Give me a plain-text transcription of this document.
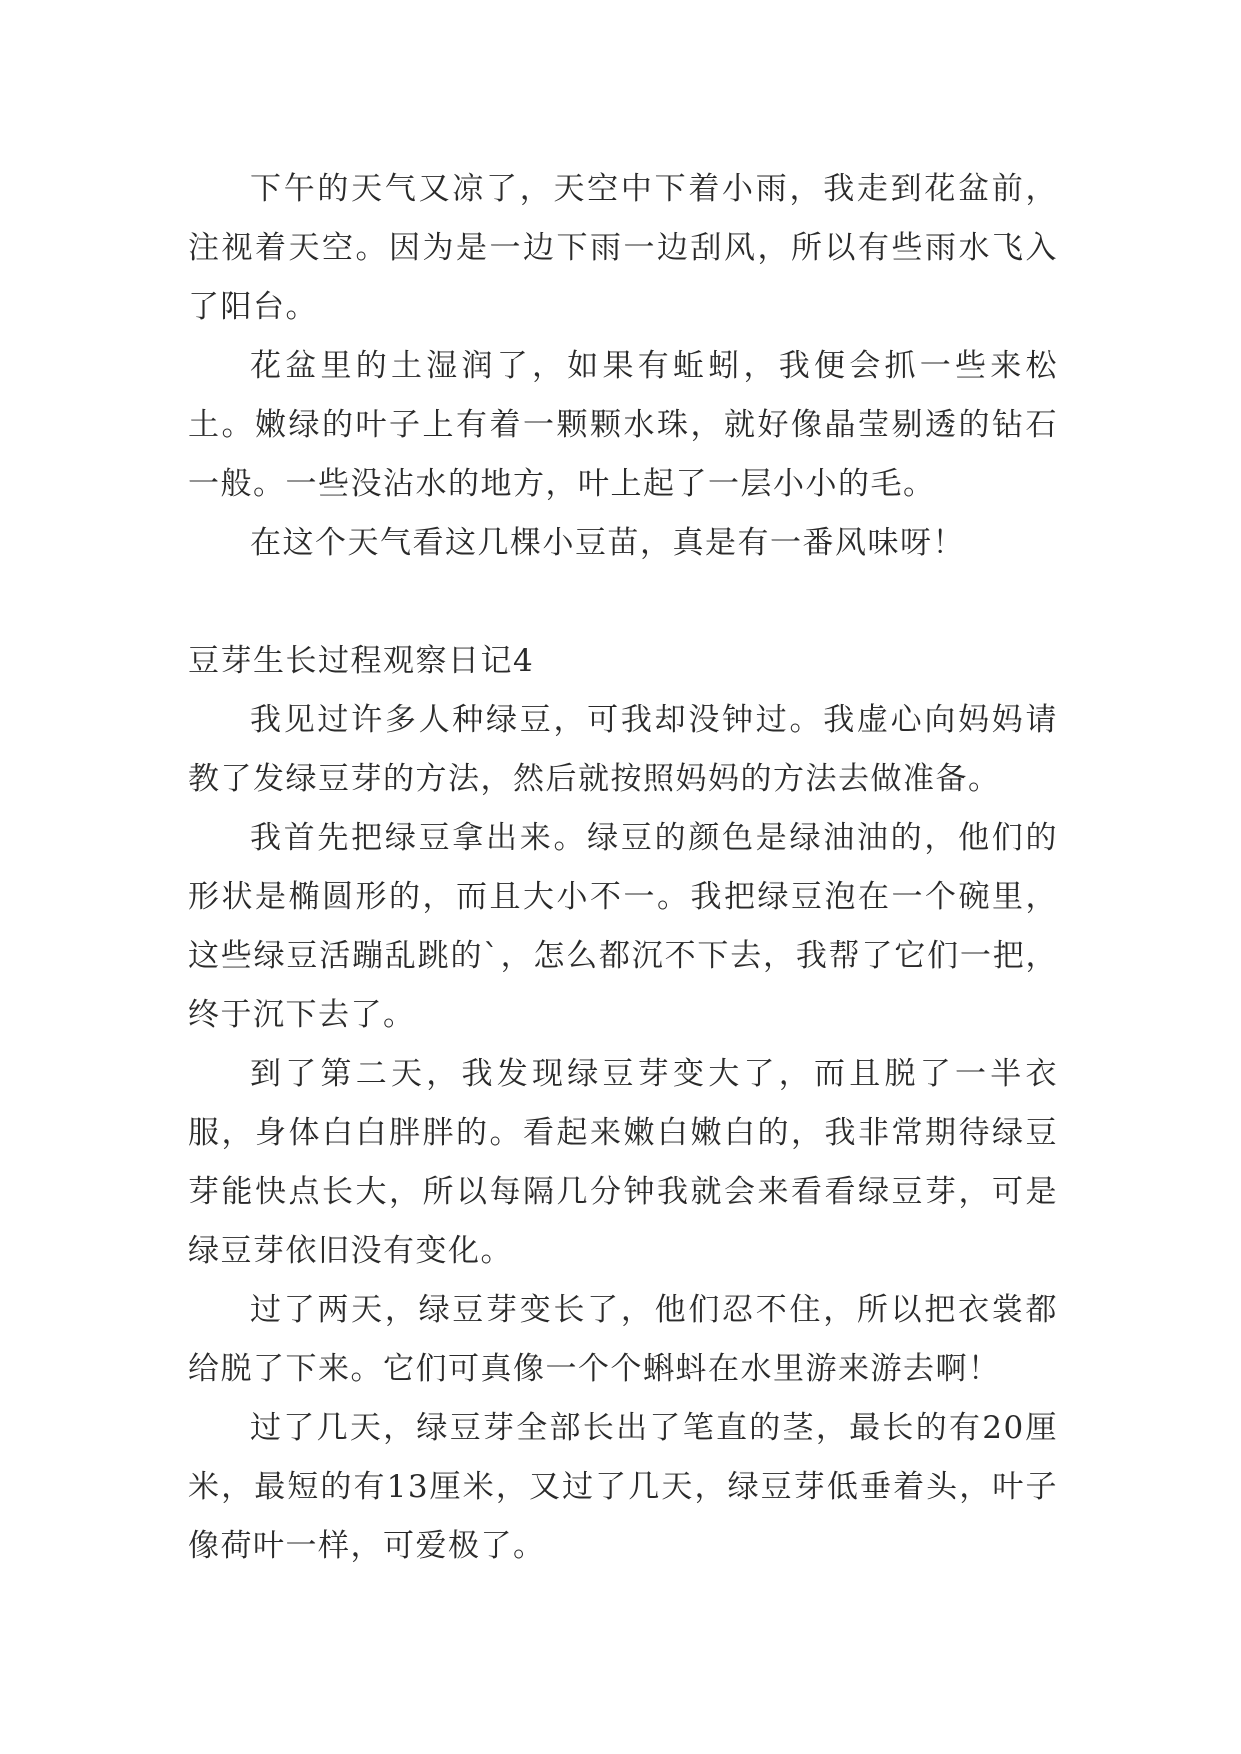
下午的天气又凉了，天空中下着小雨，我走到花盆前，注视着天空。因为是一边下雨一边刮风，所以有些雨水飞入了阳台。

花盆里的土湿润了，如果有蚯蚓，我便会抓一些来松土。嫩绿的叶子上有着一颗颗水珠，就好像晶莹剔透的钻石一般。一些没沾水的地方，叶上起了一层小小的毛。

在这个天气看这几棵小豆苗，真是有一番风味呀！

豆芽生长过程观察日记4

我见过许多人种绿豆，可我却没钟过。我虚心向妈妈请教了发绿豆芽的方法，然后就按照妈妈的方法去做准备。

我首先把绿豆拿出来。绿豆的颜色是绿油油的，他们的形状是椭圆形的，而且大小不一。我把绿豆泡在一个碗里，这些绿豆活蹦乱跳的`，怎么都沉不下去，我帮了它们一把，终于沉下去了。

到了第二天，我发现绿豆芽变大了，而且脱了一半衣服，身体白白胖胖的。看起来嫩白嫩白的，我非常期待绿豆芽能快点长大，所以每隔几分钟我就会来看看绿豆芽，可是绿豆芽依旧没有变化。

过了两天，绿豆芽变长了，他们忍不住，所以把衣裳都给脱了下来。它们可真像一个个蝌蚪在水里游来游去啊！

过了几天，绿豆芽全部长出了笔直的茎，最长的有20厘米，最短的有13厘米，又过了几天，绿豆芽低垂着头，叶子像荷叶一样，可爱极了。
